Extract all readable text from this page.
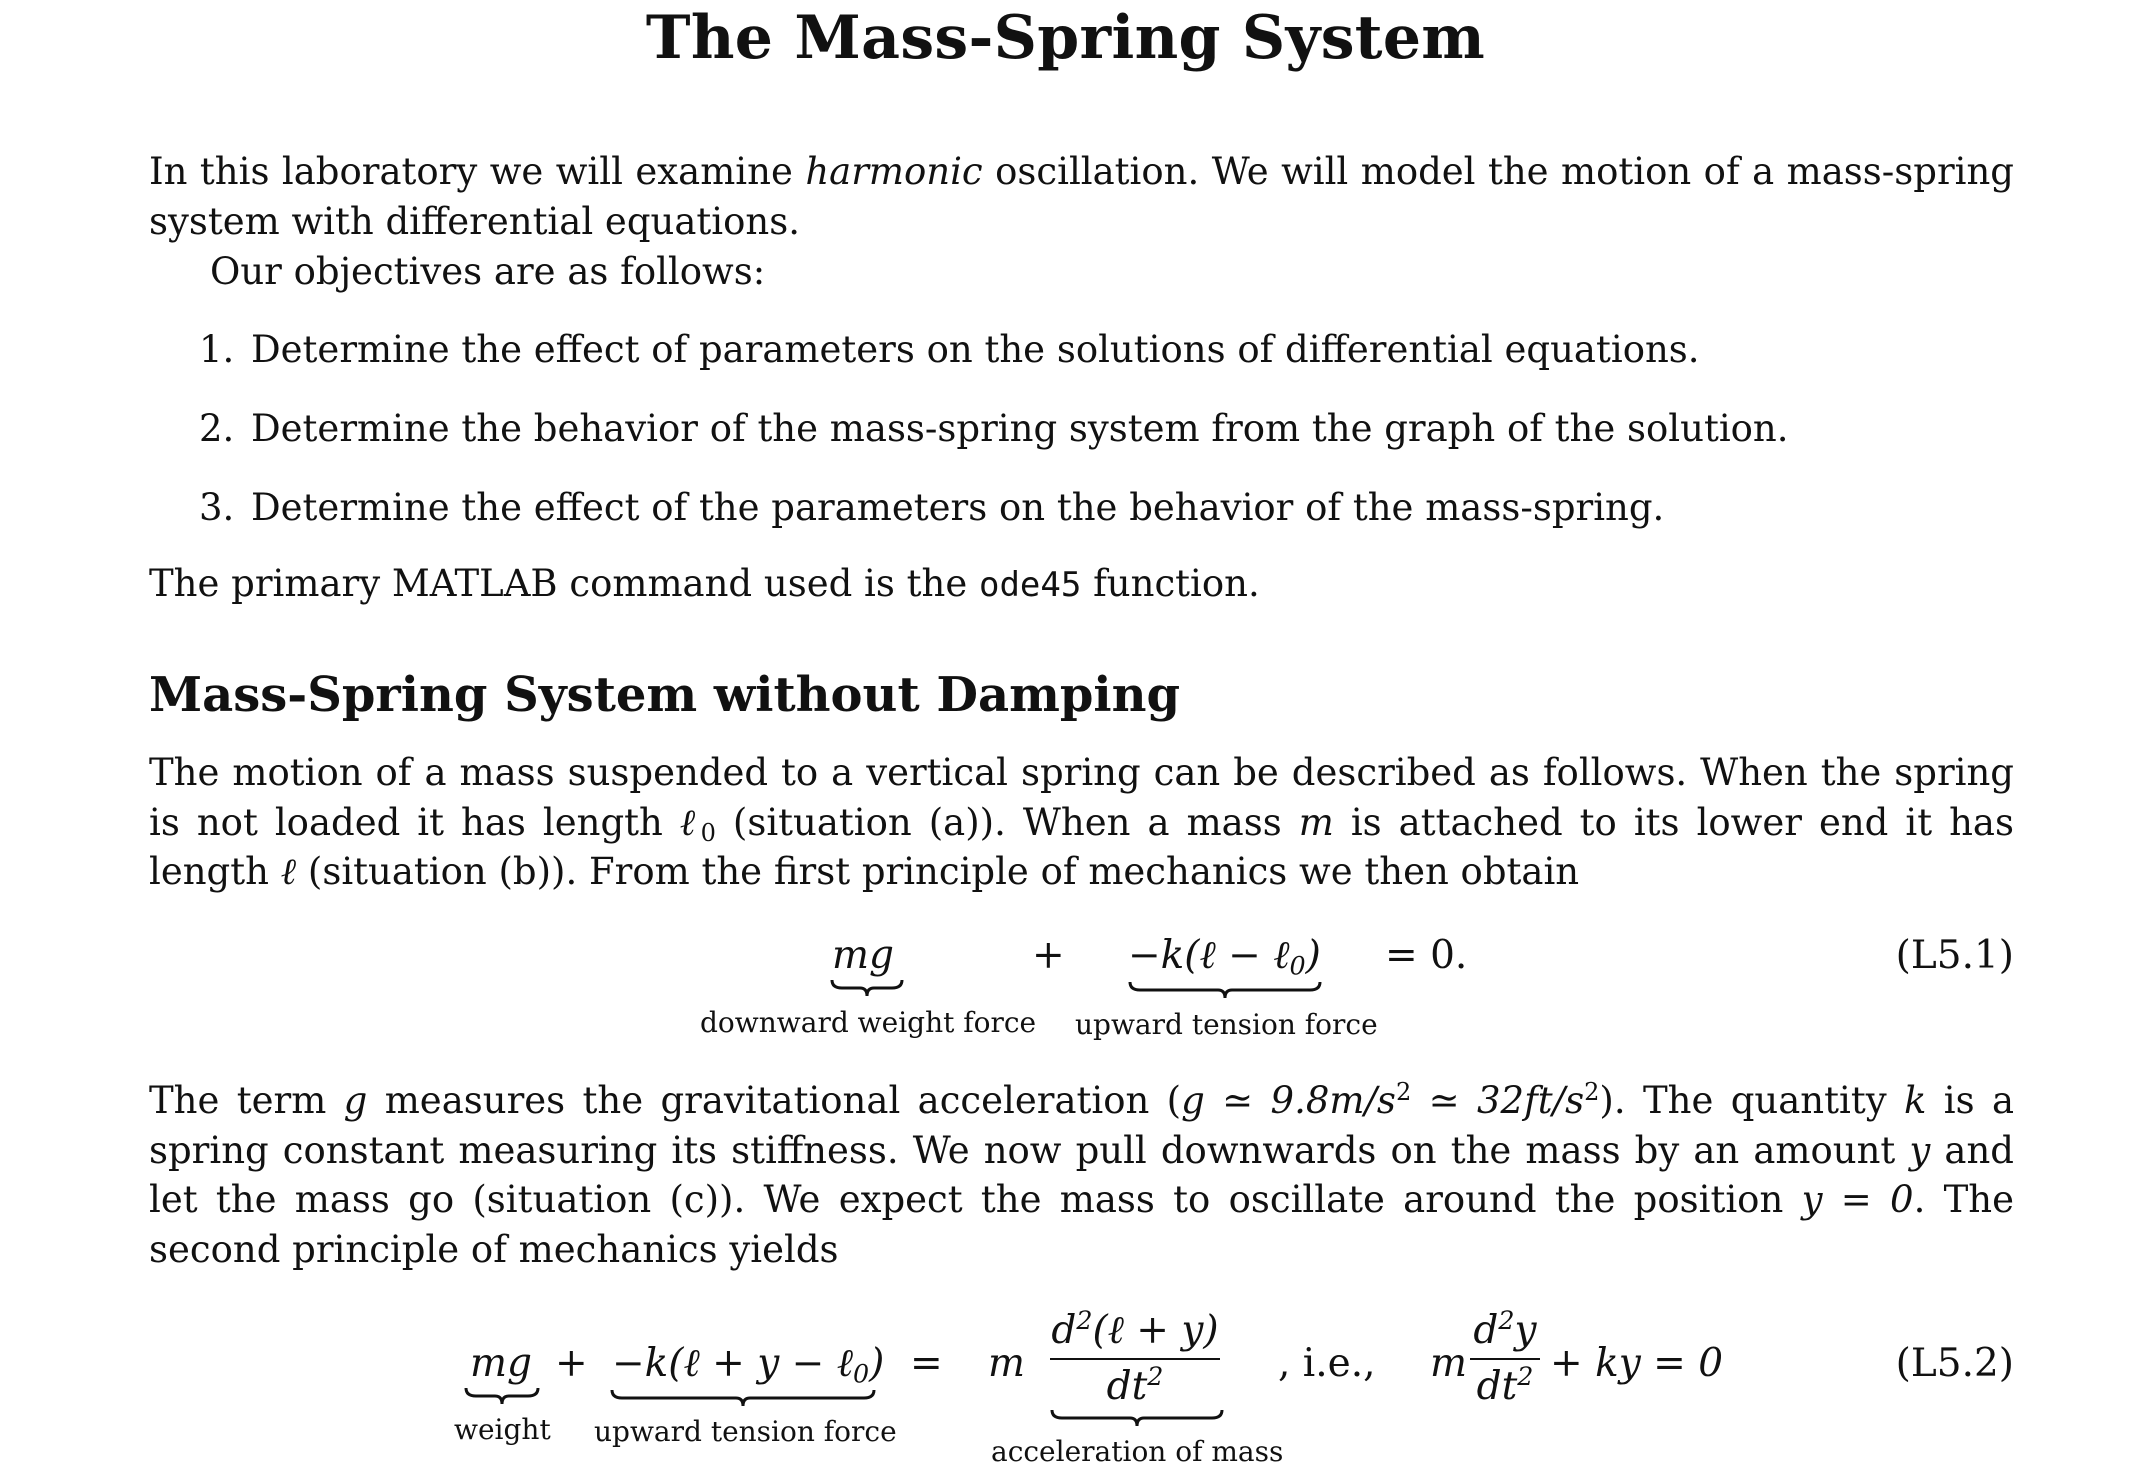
The Mass-Spring System
In this laboratory we will examine harmonic oscillation. We will model the motion of a mass-spring system with differential equations.
Our objectives are as follows:
1. Determine the effect of parameters on the solutions of differential equations.
2. Determine the behavior of the mass-spring system from the graph of the solution.
3. Determine the effect of the parameters on the behavior of the mass-spring.
The primary MATLAB command used is the ode45 function.
Mass-Spring System without Damping
The motion of a mass suspended to a vertical spring can be described as follows. When the spring is not loaded it has length ℓ$_0$ (situation (a)). When a mass m is attached to its lower end it has length ℓ (situation (b)). From the first principle of mechanics we then obtain
mg
downward weight force
+ −k(ℓ − ℓ$_0$)
upward tension force
= 0.	(L5.1)
The term g measures the gravitational acceleration (g ≃ $9.8m/s^2$ ≃ $32ft/s^2$). The quantity k is a spring constant measuring its stiffness. We now pull downwards on the mass by an amount y and let the mass go (situation (c)). We expect the mass to oscillate around the position y = 0. The second principle of mechanics yields
mg
weight
+ −k(ℓ + y − ℓ$_0$)
upward tension force
= m
$d^2(\ell + y)$
$dt^2$
acceleration of mass
, i.e., m
$d^2y$
$dt^2$ + ky = 0	(L5.2)
